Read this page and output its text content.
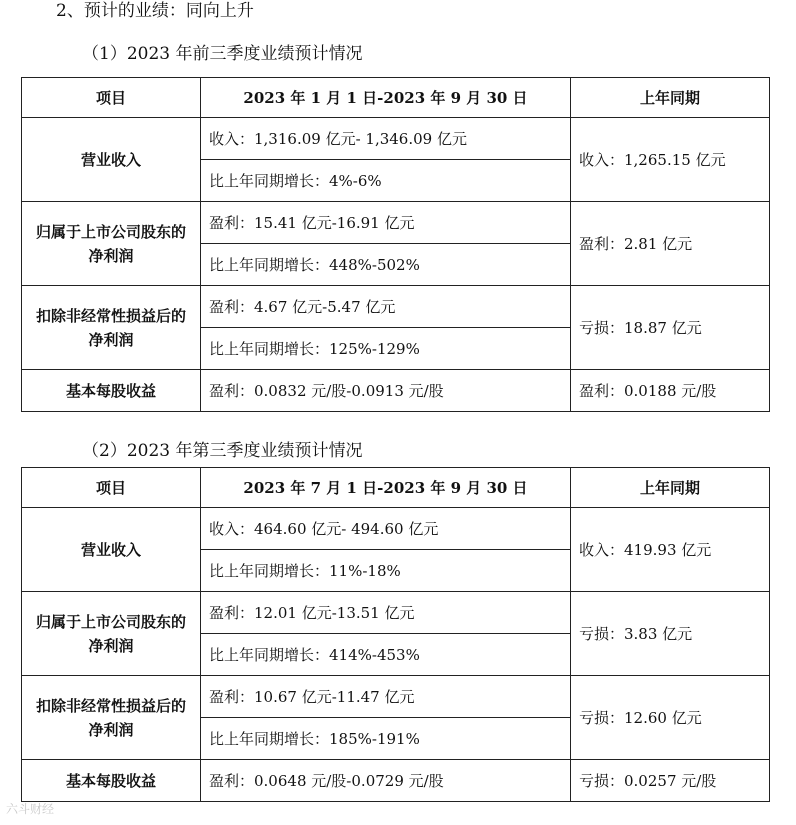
2、预计的业绩：同向上升
（1）2023 年前三季度业绩预计情况
项目	2023 年 1 月 1 日-2023 年 9 月 30 日	上年同期
营业收入	收入：1,316.09 亿元- 1,346.09 亿元	收入：1,265.15 亿元
	比上年同期增长：4%-6%	
归属于上市公司股东的净利润	盈利：15.41 亿元-16.91 亿元	盈利：2.81 亿元
	比上年同期增长：448%-502%	
扣除非经常性损益后的净利润	盈利：4.67 亿元-5.47 亿元	亏损：18.87 亿元
	比上年同期增长：125%-129%	
基本每股收益	盈利：0.0832 元/股-0.0913 元/股	盈利：0.0188 元/股
（2）2023 年第三季度业绩预计情况
项目	2023 年 7 月 1 日-2023 年 9 月 30 日	上年同期
营业收入	收入：464.60 亿元- 494.60 亿元	收入：419.93 亿元
	比上年同期增长：11%-18%	
归属于上市公司股东的净利润	盈利：12.01 亿元-13.51 亿元	亏损：3.83 亿元
	比上年同期增长：414%-453%	
扣除非经常性损益后的净利润	盈利：10.67 亿元-11.47 亿元	亏损：12.60 亿元
	比上年同期增长：185%-191%	
基本每股收益	盈利：0.0648 元/股-0.0729 元/股	亏损：0.0257 元/股
六斗财经
